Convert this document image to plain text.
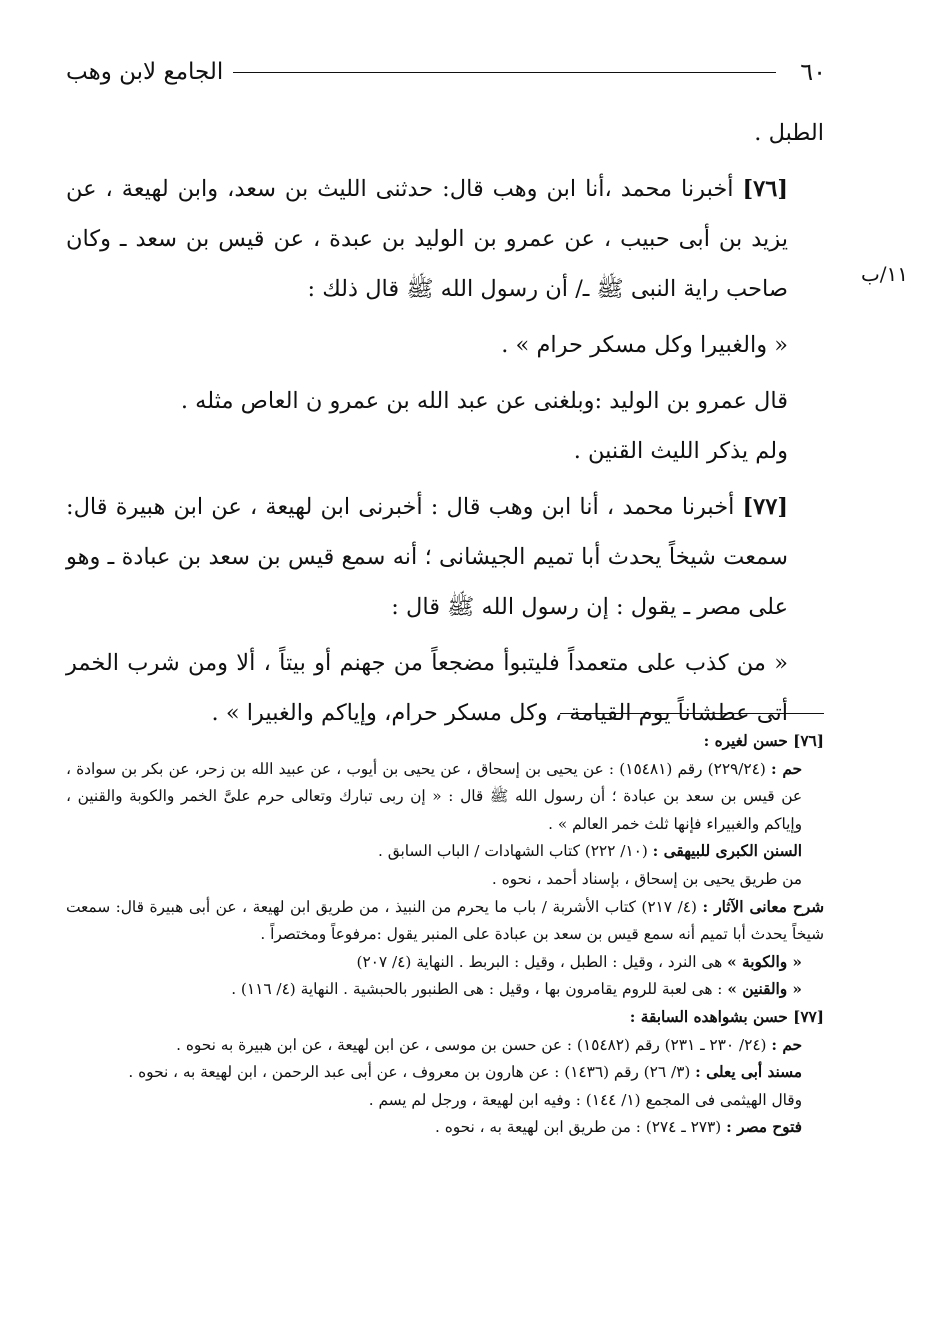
٦٠
الجامع لابن وهب
١١/ب

الطبل .

[٧٦] أخبرنا محمد ،أنا ابن وهب قال: حدثنى الليث بن سعد، وابن لهيعة ، عن يزيد بن أبى حبيب ، عن عمرو بن الوليد بن عبدة ، عن قيس بن سعد ـ وكان صاحب راية النبى ﷺ ـ/ أن رسول الله ﷺ قال ذلك :

« والغبيرا وكل مسكر حرام » .

قال عمرو بن الوليد :وبلغنى عن عبد الله بن عمرو ن العاص مثله .

ولم يذكر الليث القنين .

[٧٧] أخبرنا محمد ، أنا ابن وهب قال : أخبرنى ابن لهيعة ، عن ابن هبيرة قال: سمعت شيخاً يحدث أبا تميم الجيشانى ؛ أنه سمع قيس بن سعد بن عبادة ـ وهو على مصر ـ يقول : إن رسول الله ﷺ قال :

« من كذب على متعمداً فليتبوأ مضجعاً من جهنم أو بيتاً ، ألا ومن شرب الخمر أتى عطشاناً يوم القيامة ، وكل مسكر حرام، وإياكم والغبيرا » .

[٧٦] حسن لغيره :

حم : (٢٢٩/٢٤) رقم (١٥٤٨١) : عن يحيى بن إسحاق ، عن يحيى بن أيوب ، عن عبيد الله بن زحر، عن بكر بن سوادة ، عن قيس بن سعد بن عبادة ؛ أن رسول الله ﷺ قال : « إن ربى تبارك وتعالى حرم علىَّ الخمر والكوبة والقنين ، وإياكم والغبيراء فإنها ثلث خمر العالم » .

السنن الكبرى للبيهقى : (١٠/ ٢٢٢) كتاب الشهادات / الباب السابق .

من طريق يحيى بن إسحاق ، بإسناد أحمد ، نحوه .

شرح معانى الآثار : (٤/ ٢١٧) كتاب الأشربة / باب ما يحرم من النبيذ ، من طريق ابن لهيعة ، عن أبى هبيرة قال: سمعت شيخاً يحدث أبا تميم أنه سمع قيس بن سعد بن عبادة على المنبر يقول :مرفوعاً ومختصراً .

« والكوبة » هى النرد ، وقيل : الطبل ، وقيل : البربط . النهاية (٤/ ٢٠٧)

« والقنين » : هى لعبة للروم يقامرون بها ، وقيل : هى الطنبور بالحبشية . النهاية (٤/ ١١٦) .

[٧٧] حسن بشواهده السابقة :

حم : (٢٤/ ٢٣٠ ـ ٢٣١) رقم (١٥٤٨٢) : عن حسن بن موسى ، عن ابن لهيعة ، عن ابن هبيرة به نحوه .

مسند أبى يعلى : (٣/ ٢٦) رقم (١٤٣٦) : عن هارون بن معروف ، عن أبى عبد الرحمن ، ابن لهيعة به ، نحوه .

وقال الهيثمى فى المجمع (١/ ١٤٤) : وفيه ابن لهيعة ، ورجل لم يسم .

فتوح مصر : (٢٧٣ ـ ٢٧٤) : من طريق ابن لهيعة به ، نحوه .
